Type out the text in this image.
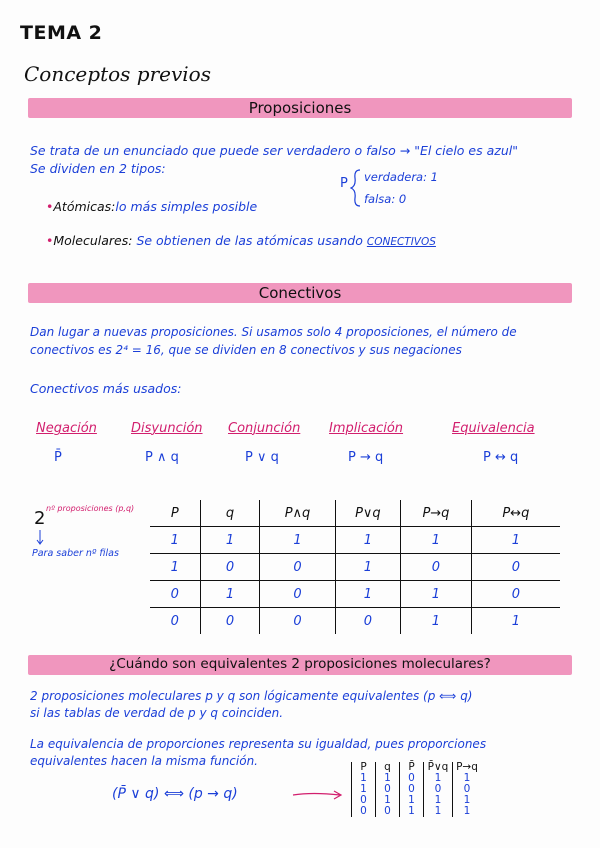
TEMA 2
Conceptos previos
Proposiciones
Se trata de un enunciado que puede ser verdadero o falso → "El cielo es azul"
Se dividen en 2 tipos:
•Atómicas:lo más simples posible
P verdadera: 1
falsa: 0
•Moleculares: Se obtienen de las atómicas usando CONECTIVOS
Conectivos
Dan lugar a nuevas proposiciones. Si usamos solo 4 proposiciones, el número de
conectivos es 2⁴ = 16, que se dividen en 8 conectivos y sus negaciones
Conectivos más usados:
Negación	Disyunción Conjunción Implicación	Equivalencia
P̄	P ∧ q	P ∨ q	P → q	P ↔ q
2 nº proposiciones (p,q)
Para saber nº filas
P	q	P∧q	P∨q	P→q	P↔q
1	1	1	1	1	1
1	0	0	1	0	0
0	1	0	1	1	0
0	0	0	0	1	1
¿Cuándo son equivalentes 2 proposiciones moleculares?
2 proposiciones moleculares p y q son lógicamente equivalentes (p ⟺ q)
si las tablas de verdad de p y q coinciden.
La equivalencia de proporciones representa su igualdad, pues proporciones
equivalentes hacen la misma función.
(P̄ ∨ q) ⟺ (p → q)
P	q	P̄	P̄∨q	P→q
1	1	0	1	1
1	0	0	0	0
0	1	1	1	1
0	0	1	1	1
